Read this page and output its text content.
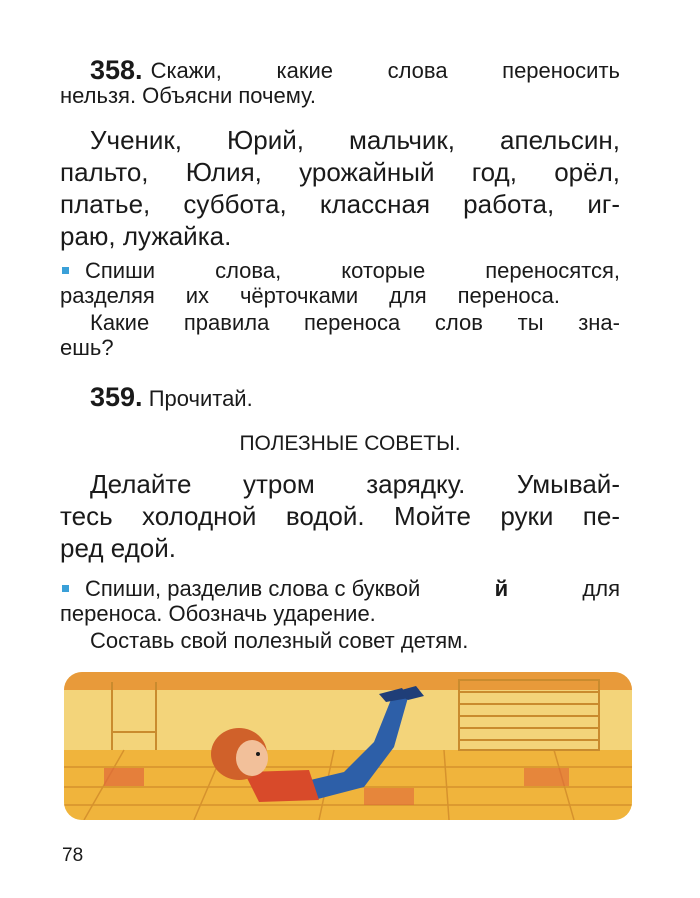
358. Скажи, какие слова переносить
нельзя. Объясни почему.
Ученик, Юрий, мальчик, апельсин,
пальто, Юлия, урожайный год, орёл,
платье, суббота, классная работа, иг-
раю, лужайка.
Спиши слова, которые переносятся,
разделяя их чёрточками для переноса.
Какие правила переноса слов ты зна-
ешь?
359. Прочитай.
ПОЛЕЗНЫЕ СОВЕТЫ.
Делайте утром зарядку. Умывай-
тесь холодной водой. Мойте руки пе-
ред едой.
Спиши, разделив слова с буквой	й	для
переноса. Обозначь ударение.
Составь свой полезный совет детям.
78
